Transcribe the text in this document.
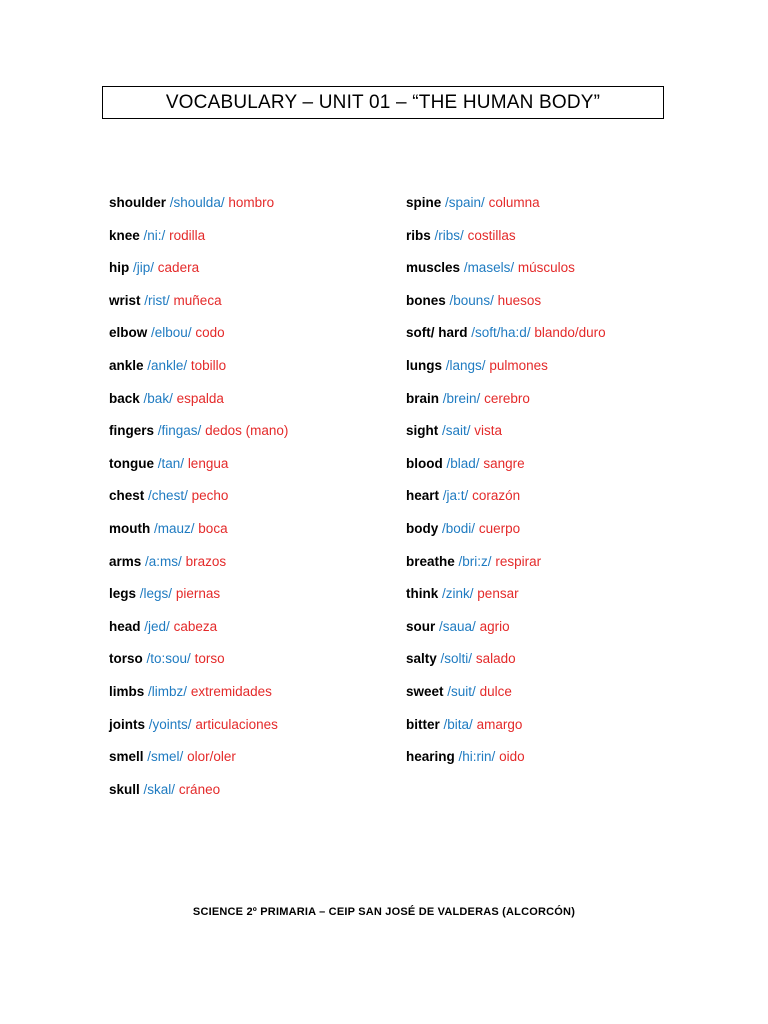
VOCABULARY – UNIT 01 – “THE HUMAN BODY”
shoulder /shoulda/ hombro
knee /ni:/ rodilla
hip /jip/ cadera
wrist /rist/ muñeca
elbow /elbou/ codo
ankle /ankle/ tobillo
back /bak/ espalda
fingers /fingas/ dedos (mano)
tongue /tan/ lengua
chest /chest/ pecho
mouth /mauz/ boca
arms /a:ms/ brazos
legs /legs/ piernas
head /jed/ cabeza
torso /to:sou/ torso
limbs /limbz/ extremidades
joints /yoints/ articulaciones
smell /smel/ olor/oler
skull /skal/ cráneo
spine /spain/ columna
ribs /ribs/ costillas
muscles /masels/ músculos
bones /bouns/ huesos
soft/ hard /soft/ha:d/ blando/duro
lungs /langs/ pulmones
brain /brein/ cerebro
sight /sait/ vista
blood /blad/ sangre
heart /ja:t/ corazón
body /bodi/ cuerpo
breathe /bri:z/ respirar
think /zink/ pensar
sour /saua/ agrio
salty /solti/ salado
sweet /suit/ dulce
bitter /bita/ amargo
hearing /hi:rin/ oido
SCIENCE 2º PRIMARIA – CEIP SAN JOSÉ DE VALDERAS (ALCORCÓN)
